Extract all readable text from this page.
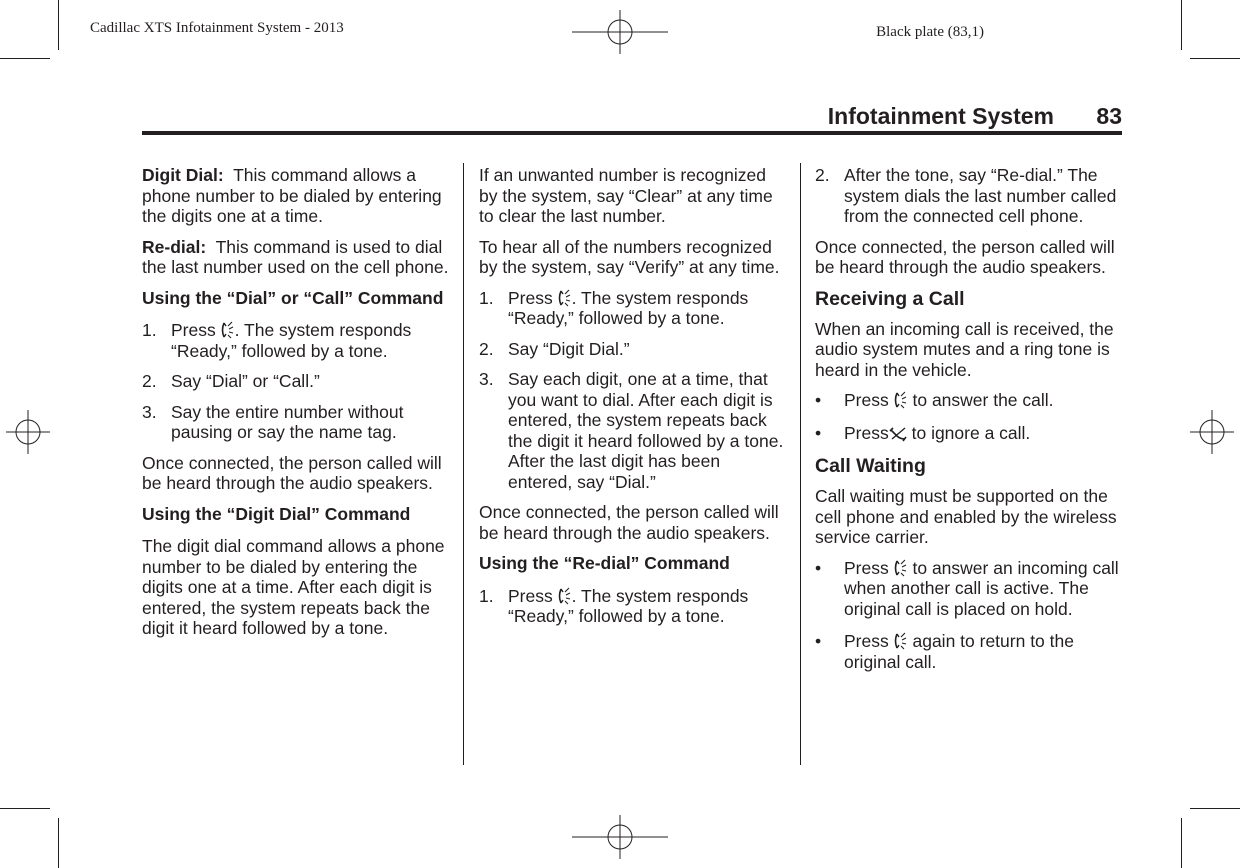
Cadillac XTS Infotainment System - 2013	Black plate (83,1)
Infotainment System 83

Digit Dial: This command allows a phone number to be dialed by entering the digits one at a time.

Re-dial: This command is used to dial the last number used on the cell phone.

Using the “Dial” or “Call” Command
1. Press . The system responds “Ready,” followed by a tone.
2. Say “Dial” or “Call.”
3. Say the entire number without pausing or say the name tag.

Once connected, the person called will be heard through the audio speakers.

Using the “Digit Dial” Command

The digit dial command allows a phone number to be dialed by entering the digits one at a time. After each digit is entered, the system repeats back the digit it heard followed by a tone.

If an unwanted number is recognized by the system, say “Clear” at any time to clear the last number.

To hear all of the numbers recognized by the system, say “Verify” at any time.

1. Press . The system responds “Ready,” followed by a tone.
2. Say “Digit Dial.”
3. Say each digit, one at a time, that you want to dial. After each digit is entered, the system repeats back the digit it heard followed by a tone. After the last digit has been entered, say “Dial.”

Once connected, the person called will be heard through the audio speakers.

Using the “Re-dial” Command
1. Press . The system responds “Ready,” followed by a tone.
2. After the tone, say “Re-dial.” The system dials the last number called from the connected cell phone.

Once connected, the person called will be heard through the audio speakers.

Receiving a Call

When an incoming call is received, the audio system mutes and a ring tone is heard in the vehicle.

•	Press to answer the call.
•	Press to ignore a call.
Call Waiting

Call waiting must be supported on the cell phone and enabled by the wireless service carrier.

•	Press to answer an incoming call when another call is active. The original call is placed on hold.
•	Press again to return to the original call.
